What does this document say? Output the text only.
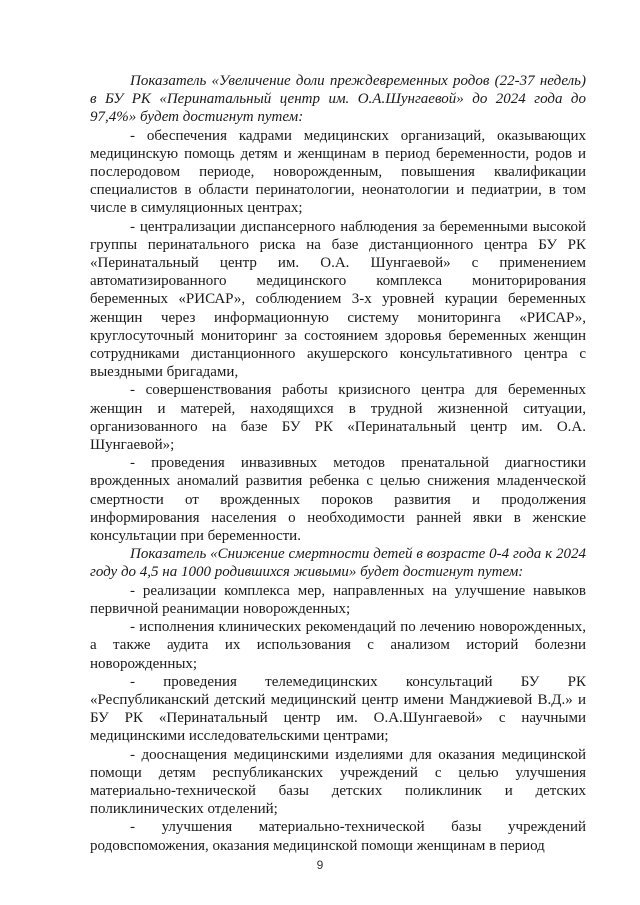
Показатель «Увеличение доли преждевременных родов (22-37 недель) в БУ РК «Перинатальный центр им. О.А.Шунгаевой» до 2024 года до 97,4%» будет достигнут путем:

- обеспечения кадрами медицинских организаций, оказывающих медицинскую помощь детям и женщинам в период беременности, родов и послеродовом периоде, новорожденным, повышения квалификации специалистов в области перинатологии, неонатологии и педиатрии, в том числе в симуляционных центрах;

- централизации диспансерного наблюдения за беременными высокой группы перинатального риска на базе дистанционного центра БУ РК «Перинатальный центр им. О.А. Шунгаевой» с применением автоматизированного медицинского комплекса мониторирования беременных «РИСАР», соблюдением 3-х уровней курации беременных женщин через информационную систему мониторинга «РИСАР», круглосуточный мониторинг за состоянием здоровья беременных женщин сотрудниками дистанционного акушерского консультативного центра с выездными бригадами,

- совершенствования работы кризисного центра для беременных женщин и матерей, находящихся в трудной жизненной ситуации, организованного на базе БУ РК «Перинатальный центр им. О.А. Шунгаевой»;

- проведения инвазивных методов пренатальной диагностики врожденных аномалий развития ребенка с целью снижения младенческой смертности от врожденных пороков развития и продолжения информирования населения о необходимости ранней явки в женские консультации при беременности.

Показатель «Снижение смертности детей в возрасте 0-4 года к 2024 году до 4,5 на 1000 родившихся живыми» будет достигнут путем:

- реализации комплекса мер, направленных на улучшение навыков первичной реанимации новорожденных;

- исполнения клинических рекомендаций по лечению новорожденных, а также аудита их использования с анализом историй болезни новорожденных;

- проведения телемедицинских консультаций БУ РК «Республиканский детский медицинский центр имени Манджиевой В.Д.» и БУ РК «Перинатальный центр им. О.А.Шунгаевой» с научными медицинскими исследовательскими центрами;

- дооснащения медицинскими изделиями для оказания медицинской помощи детям республиканских учреждений с целью улучшения материально-технической базы детских поликлиник и детских поликлинических отделений;

- улучшения материально-технической базы учреждений родовспоможения, оказания медицинской помощи женщинам в период

9
